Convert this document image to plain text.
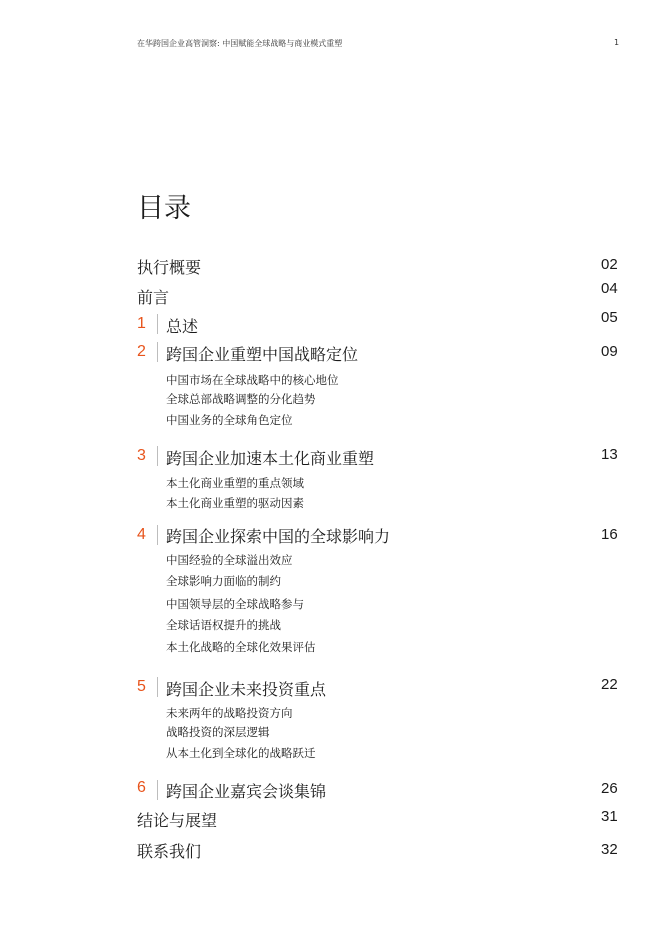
在华跨国企业高管洞察: 中国赋能全球战略与商业模式重塑	1
目录
执行概要	02
前言	04
1 总述	05
2 跨国企业重塑中国战略定位	09
中国市场在全球战略中的核心地位
全球总部战略调整的分化趋势
中国业务的全球角色定位
3 跨国企业加速本土化商业重塑	13
本土化商业重塑的重点领域
本土化商业重塑的驱动因素
4 跨国企业探索中国的全球影响力	16
中国经验的全球溢出效应
全球影响力面临的制约
中国领导层的全球战略参与
全球话语权提升的挑战
本土化战略的全球化效果评估
5 跨国企业未来投资重点	22
未来两年的战略投资方向
战略投资的深层逻辑
从本土化到全球化的战略跃迁
6 跨国企业嘉宾会谈集锦	26
结论与展望	31
联系我们	32
